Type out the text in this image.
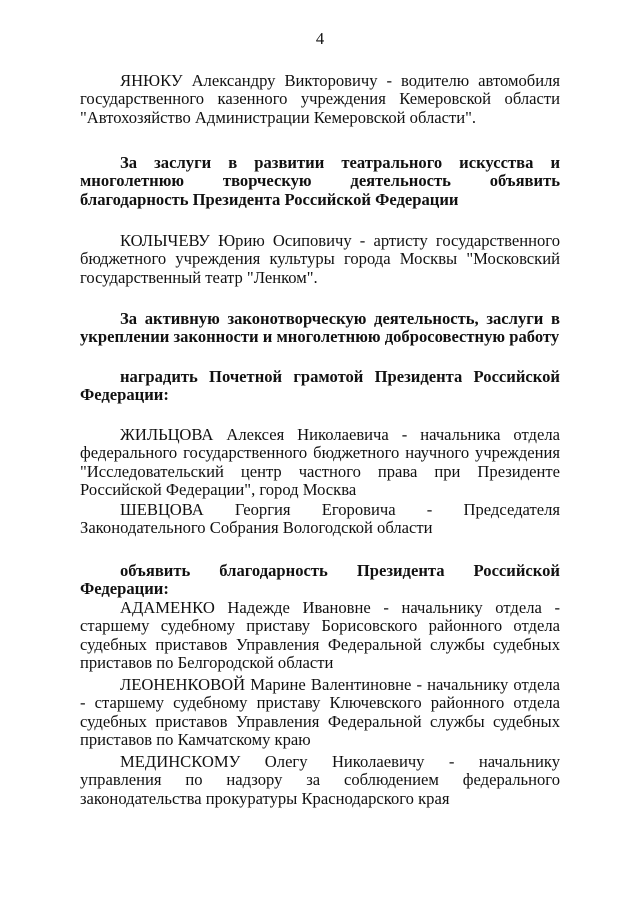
4

ЯНЮКУ Александру Викторовичу - водителю автомобиля государственного казенного учреждения Кемеровской области "Автохозяйство Администрации Кемеровской области".

За заслуги в развитии театрального искусства и многолетнюю творческую деятельность объявить благодарность Президента Российской Федерации

КОЛЫЧЕВУ Юрию Осиповичу - артисту государственного бюджетного учреждения культуры города Москвы "Московский государственный театр "Ленком".

За активную законотворческую деятельность, заслуги в укреплении законности и многолетнюю добросовестную работу

наградить Почетной грамотой Президента Российской Федерации:

ЖИЛЬЦОВА Алексея Николаевича - начальника отдела федерального государственного бюджетного научного учреждения "Исследовательский центр частного права при Президенте Российской Федерации", город Москва

ШЕВЦОВА Георгия Егоровича - Председателя Законодательного Собрания Вологодской области

объявить благодарность Президента Российской Федерации:

АДАМЕНКО Надежде Ивановне - начальнику отдела - старшему судебному приставу Борисовского районного отдела судебных приставов Управления Федеральной службы судебных приставов по Белгородской области

ЛЕОНЕНКОВОЙ Марине Валентиновне - начальнику отдела - старшему судебному приставу Ключевского районного отдела судебных приставов Управления Федеральной службы судебных приставов по Камчатскому краю

МЕДИНСКОМУ Олегу Николаевичу - начальнику управления по надзору за соблюдением федерального законодательства прокуратуры Краснодарского края
